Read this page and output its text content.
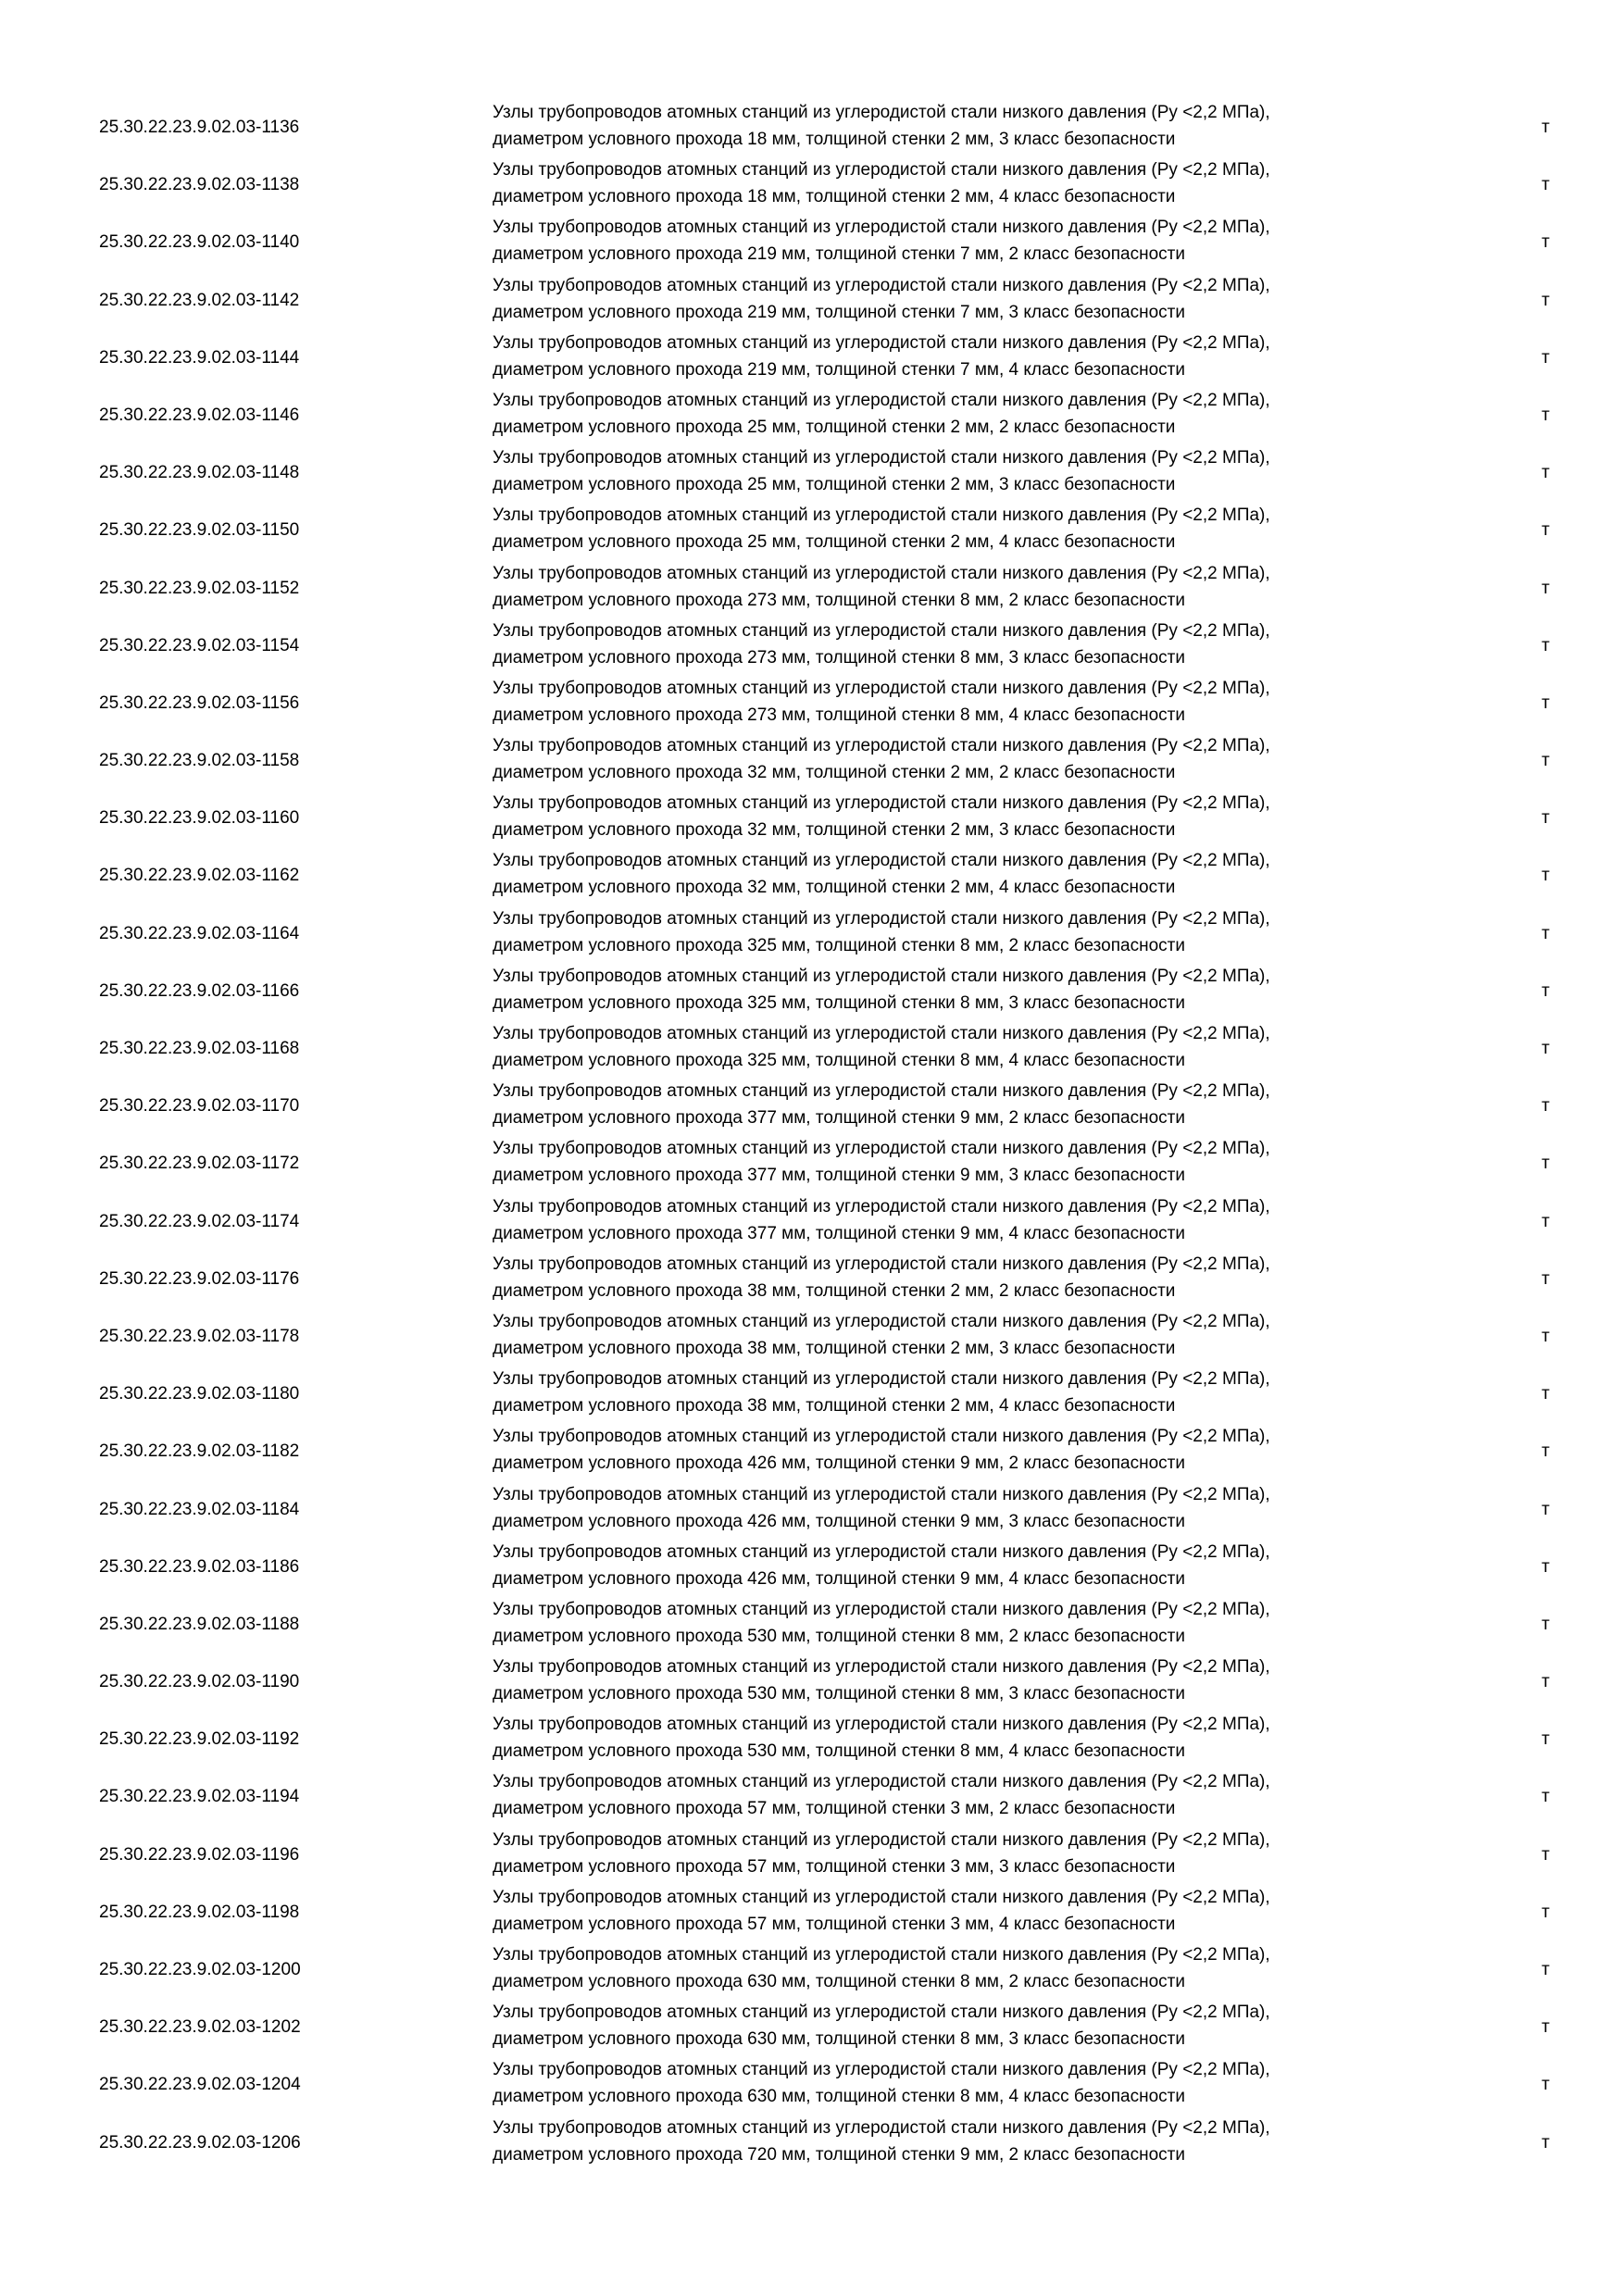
25.30.22.23.9.02.03-1136
Узлы трубопроводов атомных станций из углеродистой стали низкого давления (Ру <2,2 МПа),
диаметром условного прохода 18 мм, толщиной стенки 2 мм, 3 класс безопасности
т
25.30.22.23.9.02.03-1138
Узлы трубопроводов атомных станций из углеродистой стали низкого давления (Ру <2,2 МПа),
диаметром условного прохода 18 мм, толщиной стенки 2 мм, 4 класс безопасности
т
25.30.22.23.9.02.03-1140
Узлы трубопроводов атомных станций из углеродистой стали низкого давления (Ру <2,2 МПа),
диаметром условного прохода 219 мм, толщиной стенки 7 мм, 2 класс безопасности
т
25.30.22.23.9.02.03-1142
Узлы трубопроводов атомных станций из углеродистой стали низкого давления (Ру <2,2 МПа),
диаметром условного прохода 219 мм, толщиной стенки 7 мм, 3 класс безопасности
т
25.30.22.23.9.02.03-1144
Узлы трубопроводов атомных станций из углеродистой стали низкого давления (Ру <2,2 МПа),
диаметром условного прохода 219 мм, толщиной стенки 7 мм, 4 класс безопасности
т
25.30.22.23.9.02.03-1146
Узлы трубопроводов атомных станций из углеродистой стали низкого давления (Ру <2,2 МПа),
диаметром условного прохода 25 мм, толщиной стенки 2 мм, 2 класс безопасности
т
25.30.22.23.9.02.03-1148
Узлы трубопроводов атомных станций из углеродистой стали низкого давления (Ру <2,2 МПа),
диаметром условного прохода 25 мм, толщиной стенки 2 мм, 3 класс безопасности
т
25.30.22.23.9.02.03-1150
Узлы трубопроводов атомных станций из углеродистой стали низкого давления (Ру <2,2 МПа),
диаметром условного прохода 25 мм, толщиной стенки 2 мм, 4 класс безопасности
т
25.30.22.23.9.02.03-1152
Узлы трубопроводов атомных станций из углеродистой стали низкого давления (Ру <2,2 МПа),
диаметром условного прохода 273 мм, толщиной стенки 8 мм, 2 класс безопасности
т
25.30.22.23.9.02.03-1154
Узлы трубопроводов атомных станций из углеродистой стали низкого давления (Ру <2,2 МПа),
диаметром условного прохода 273 мм, толщиной стенки 8 мм, 3 класс безопасности
т
25.30.22.23.9.02.03-1156
Узлы трубопроводов атомных станций из углеродистой стали низкого давления (Ру <2,2 МПа),
диаметром условного прохода 273 мм, толщиной стенки 8 мм, 4 класс безопасности
т
25.30.22.23.9.02.03-1158
Узлы трубопроводов атомных станций из углеродистой стали низкого давления (Ру <2,2 МПа),
диаметром условного прохода 32 мм, толщиной стенки 2 мм, 2 класс безопасности
т
25.30.22.23.9.02.03-1160
Узлы трубопроводов атомных станций из углеродистой стали низкого давления (Ру <2,2 МПа),
диаметром условного прохода 32 мм, толщиной стенки 2 мм, 3 класс безопасности
т
25.30.22.23.9.02.03-1162
Узлы трубопроводов атомных станций из углеродистой стали низкого давления (Ру <2,2 МПа),
диаметром условного прохода 32 мм, толщиной стенки 2 мм, 4 класс безопасности
т
25.30.22.23.9.02.03-1164
Узлы трубопроводов атомных станций из углеродистой стали низкого давления (Ру <2,2 МПа),
диаметром условного прохода 325 мм, толщиной стенки 8 мм, 2 класс безопасности
т
25.30.22.23.9.02.03-1166
Узлы трубопроводов атомных станций из углеродистой стали низкого давления (Ру <2,2 МПа),
диаметром условного прохода 325 мм, толщиной стенки 8 мм, 3 класс безопасности
т
25.30.22.23.9.02.03-1168
Узлы трубопроводов атомных станций из углеродистой стали низкого давления (Ру <2,2 МПа),
диаметром условного прохода 325 мм, толщиной стенки 8 мм, 4 класс безопасности
т
25.30.22.23.9.02.03-1170
Узлы трубопроводов атомных станций из углеродистой стали низкого давления (Ру <2,2 МПа),
диаметром условного прохода 377 мм, толщиной стенки 9 мм, 2 класс безопасности
т
25.30.22.23.9.02.03-1172
Узлы трубопроводов атомных станций из углеродистой стали низкого давления (Ру <2,2 МПа),
диаметром условного прохода 377 мм, толщиной стенки 9 мм, 3 класс безопасности
т
25.30.22.23.9.02.03-1174
Узлы трубопроводов атомных станций из углеродистой стали низкого давления (Ру <2,2 МПа),
диаметром условного прохода 377 мм, толщиной стенки 9 мм, 4 класс безопасности
т
25.30.22.23.9.02.03-1176
Узлы трубопроводов атомных станций из углеродистой стали низкого давления (Ру <2,2 МПа),
диаметром условного прохода 38 мм, толщиной стенки 2 мм, 2 класс безопасности
т
25.30.22.23.9.02.03-1178
Узлы трубопроводов атомных станций из углеродистой стали низкого давления (Ру <2,2 МПа),
диаметром условного прохода 38 мм, толщиной стенки 2 мм, 3 класс безопасности
т
25.30.22.23.9.02.03-1180
Узлы трубопроводов атомных станций из углеродистой стали низкого давления (Ру <2,2 МПа),
диаметром условного прохода 38 мм, толщиной стенки 2 мм, 4 класс безопасности
т
25.30.22.23.9.02.03-1182
Узлы трубопроводов атомных станций из углеродистой стали низкого давления (Ру <2,2 МПа),
диаметром условного прохода 426 мм, толщиной стенки 9 мм, 2 класс безопасности
т
25.30.22.23.9.02.03-1184
Узлы трубопроводов атомных станций из углеродистой стали низкого давления (Ру <2,2 МПа),
диаметром условного прохода 426 мм, толщиной стенки 9 мм, 3 класс безопасности
т
25.30.22.23.9.02.03-1186
Узлы трубопроводов атомных станций из углеродистой стали низкого давления (Ру <2,2 МПа),
диаметром условного прохода 426 мм, толщиной стенки 9 мм, 4 класс безопасности
т
25.30.22.23.9.02.03-1188
Узлы трубопроводов атомных станций из углеродистой стали низкого давления (Ру <2,2 МПа),
диаметром условного прохода 530 мм, толщиной стенки 8 мм, 2 класс безопасности
т
25.30.22.23.9.02.03-1190
Узлы трубопроводов атомных станций из углеродистой стали низкого давления (Ру <2,2 МПа),
диаметром условного прохода 530 мм, толщиной стенки 8 мм, 3 класс безопасности
т
25.30.22.23.9.02.03-1192
Узлы трубопроводов атомных станций из углеродистой стали низкого давления (Ру <2,2 МПа),
диаметром условного прохода 530 мм, толщиной стенки 8 мм, 4 класс безопасности
т
25.30.22.23.9.02.03-1194
Узлы трубопроводов атомных станций из углеродистой стали низкого давления (Ру <2,2 МПа),
диаметром условного прохода 57 мм, толщиной стенки 3 мм, 2 класс безопасности
т
25.30.22.23.9.02.03-1196
Узлы трубопроводов атомных станций из углеродистой стали низкого давления (Ру <2,2 МПа),
диаметром условного прохода 57 мм, толщиной стенки 3 мм, 3 класс безопасности
т
25.30.22.23.9.02.03-1198
Узлы трубопроводов атомных станций из углеродистой стали низкого давления (Ру <2,2 МПа),
диаметром условного прохода 57 мм, толщиной стенки 3 мм, 4 класс безопасности
т
25.30.22.23.9.02.03-1200
Узлы трубопроводов атомных станций из углеродистой стали низкого давления (Ру <2,2 МПа),
диаметром условного прохода 630 мм, толщиной стенки 8 мм, 2 класс безопасности
т
25.30.22.23.9.02.03-1202
Узлы трубопроводов атомных станций из углеродистой стали низкого давления (Ру <2,2 МПа),
диаметром условного прохода 630 мм, толщиной стенки 8 мм, 3 класс безопасности
т
25.30.22.23.9.02.03-1204
Узлы трубопроводов атомных станций из углеродистой стали низкого давления (Ру <2,2 МПа),
диаметром условного прохода 630 мм, толщиной стенки 8 мм, 4 класс безопасности
т
25.30.22.23.9.02.03-1206
Узлы трубопроводов атомных станций из углеродистой стали низкого давления (Ру <2,2 МПа),
диаметром условного прохода 720 мм, толщиной стенки 9 мм, 2 класс безопасности
т
